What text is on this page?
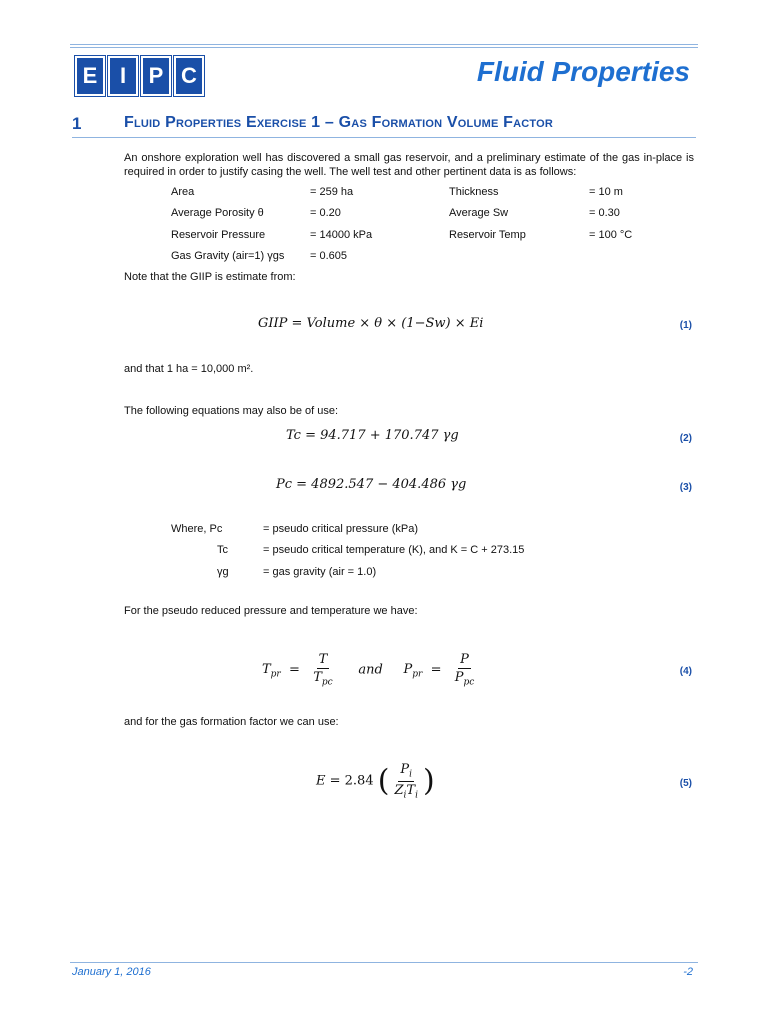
E	I	P C	Fluid Properties
1	Fluid Properties Exercise 1 – Gas Formation Volume Factor
An onshore exploration well has discovered a small gas reservoir, and a preliminary estimate of the gas in-place is required in order to justify casing the well. The well test and other pertinent data is as follows:
Area	= 259 ha	Thickness	= 10 m
Average Porosity θ	= 0.20	Average Sw	= 0.30
Reservoir Pressure	= 14000 kPa	Reservoir Temp	= 100 °C
Gas Gravity (air=1) γgs = 0.605
Note that the GIIP is estimate from:
GIIP = Volume × θ × (1−Sw) × Ei	(1)
and that 1 ha = 10,000 m².
The following equations may also be of use:
Tc = 94.717 + 170.747 γg	(2)
Pc = 4892.547 − 404.486 γg	(3)
Where, Pc	= pseudo critical pressure (kPa)
Tc	= pseudo critical temperature (K), and K = C + 273.15
γg	= gas gravity (air = 1.0)
For the pseudo reduced pressure and temperature we have:
$T_{pr} = \frac{T}{T_{pc}}$ and     $P_{pr} = \frac{P}{P_{pc}}$	(4)
and for the gas formation factor we can use:
E = 2.84 ( $\frac{P_i}{Z_iT_i}$ )	(5)
January 1, 2016	-2
